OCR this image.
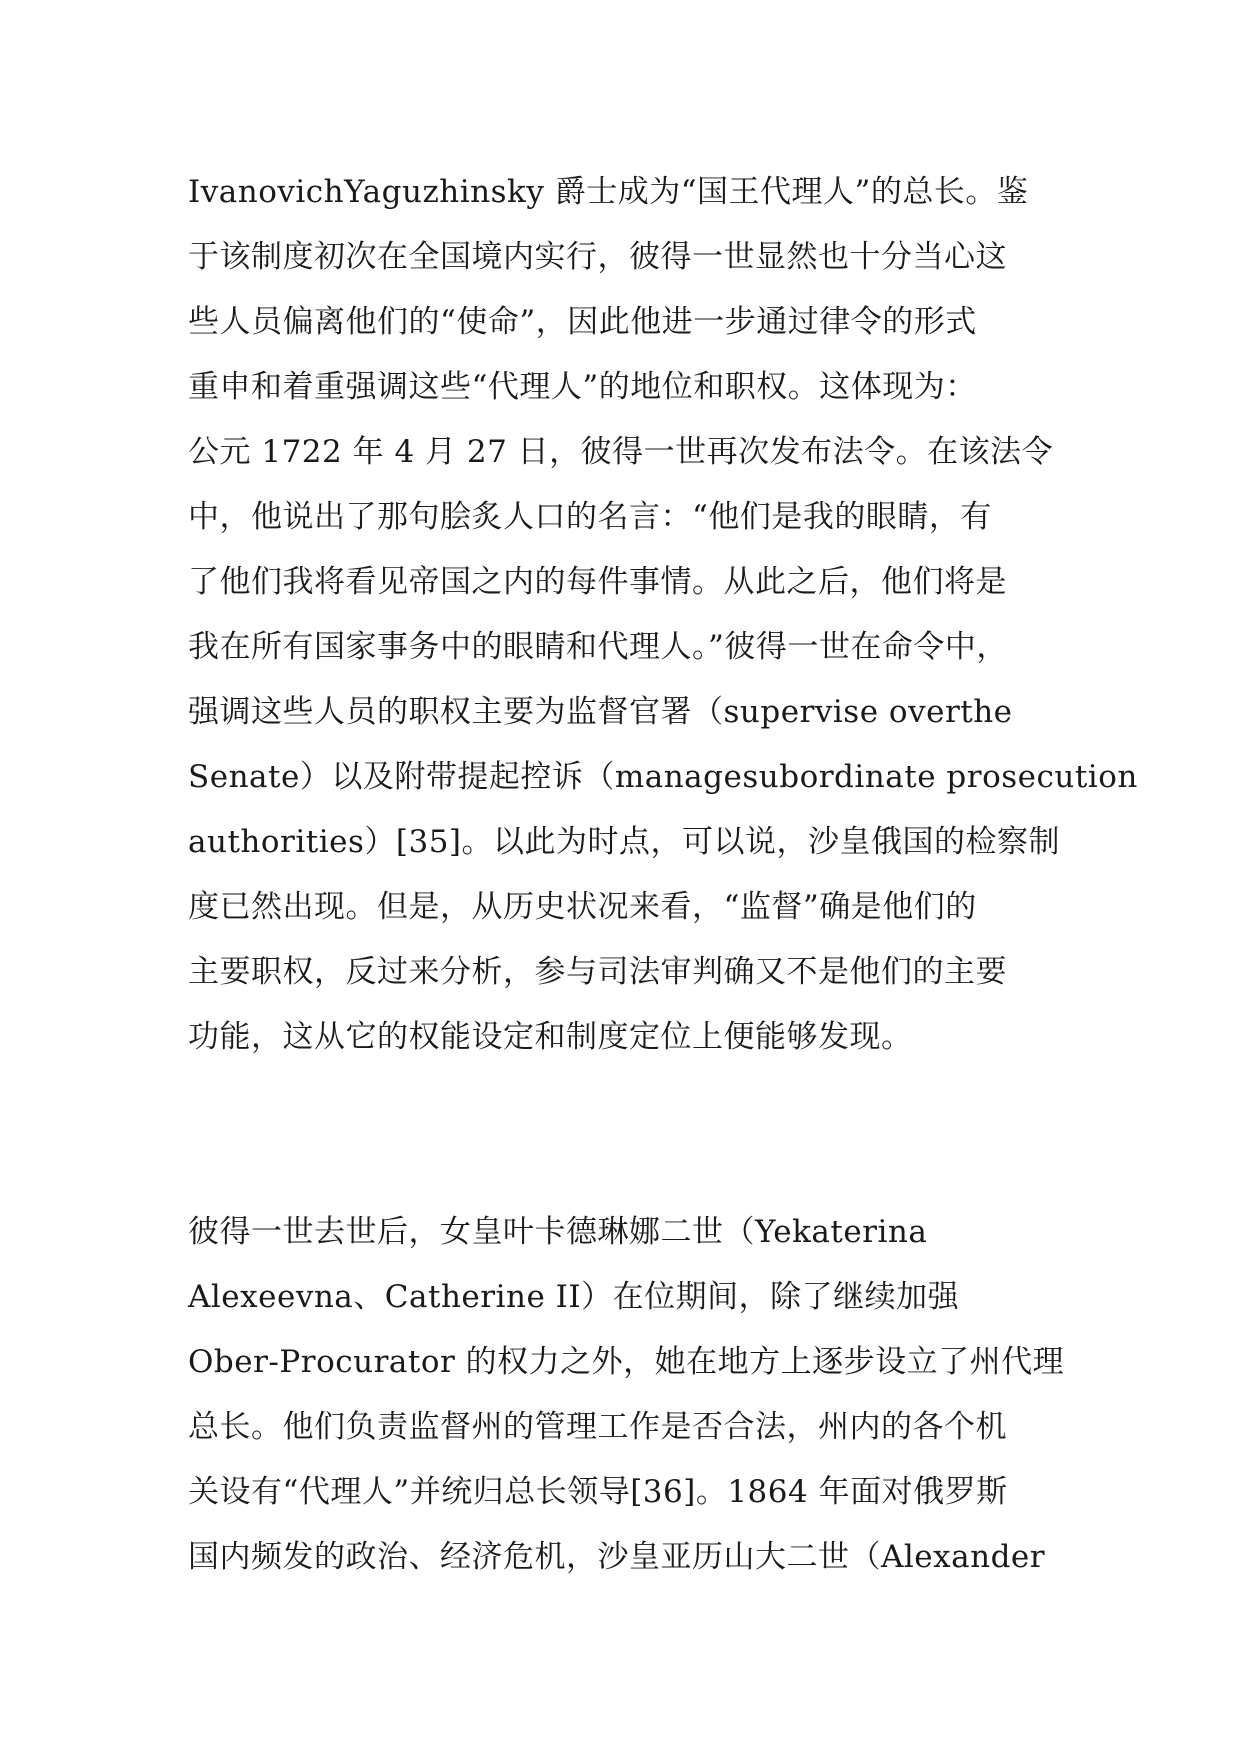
IvanovichYaguzhinsky 爵士成为“国王代理人”的总长。鉴
于该制度初次在全国境内实行，彼得一世显然也十分当心这
些人员偏离他们的“使命”，因此他进一步通过律令的形式
重申和着重强调这些“代理人”的地位和职权。这体现为：
公元 1722 年 4 月 27 日，彼得一世再次发布法令。在该法令
中，他说出了那句脍炙人口的名言：“他们是我的眼睛，有
了他们我将看见帝国之内的每件事情。从此之后，他们将是
我在所有国家事务中的眼睛和代理人。”彼得一世在命令中，
强调这些人员的职权主要为监督官署（supervise overthe
Senate）以及附带提起控诉（managesubordinate prosecution
authorities）[35]。以此为时点，可以说，沙皇俄国的检察制
度已然出现。但是，从历史状况来看，“监督”确是他们的
主要职权，反过来分析，参与司法审判确又不是他们的主要
功能，这从它的权能设定和制度定位上便能够发现。
彼得一世去世后，女皇叶卡德琳娜二世（Yekaterina
Alexeevna、Catherine II）在位期间，除了继续加强
Ober-Procurator 的权力之外，她在地方上逐步设立了州代理
总长。他们负责监督州的管理工作是否合法，州内的各个机
关设有“代理人”并统归总长领导[36]。1864 年面对俄罗斯
国内频发的政治、经济危机，沙皇亚历山大二世（Alexander
